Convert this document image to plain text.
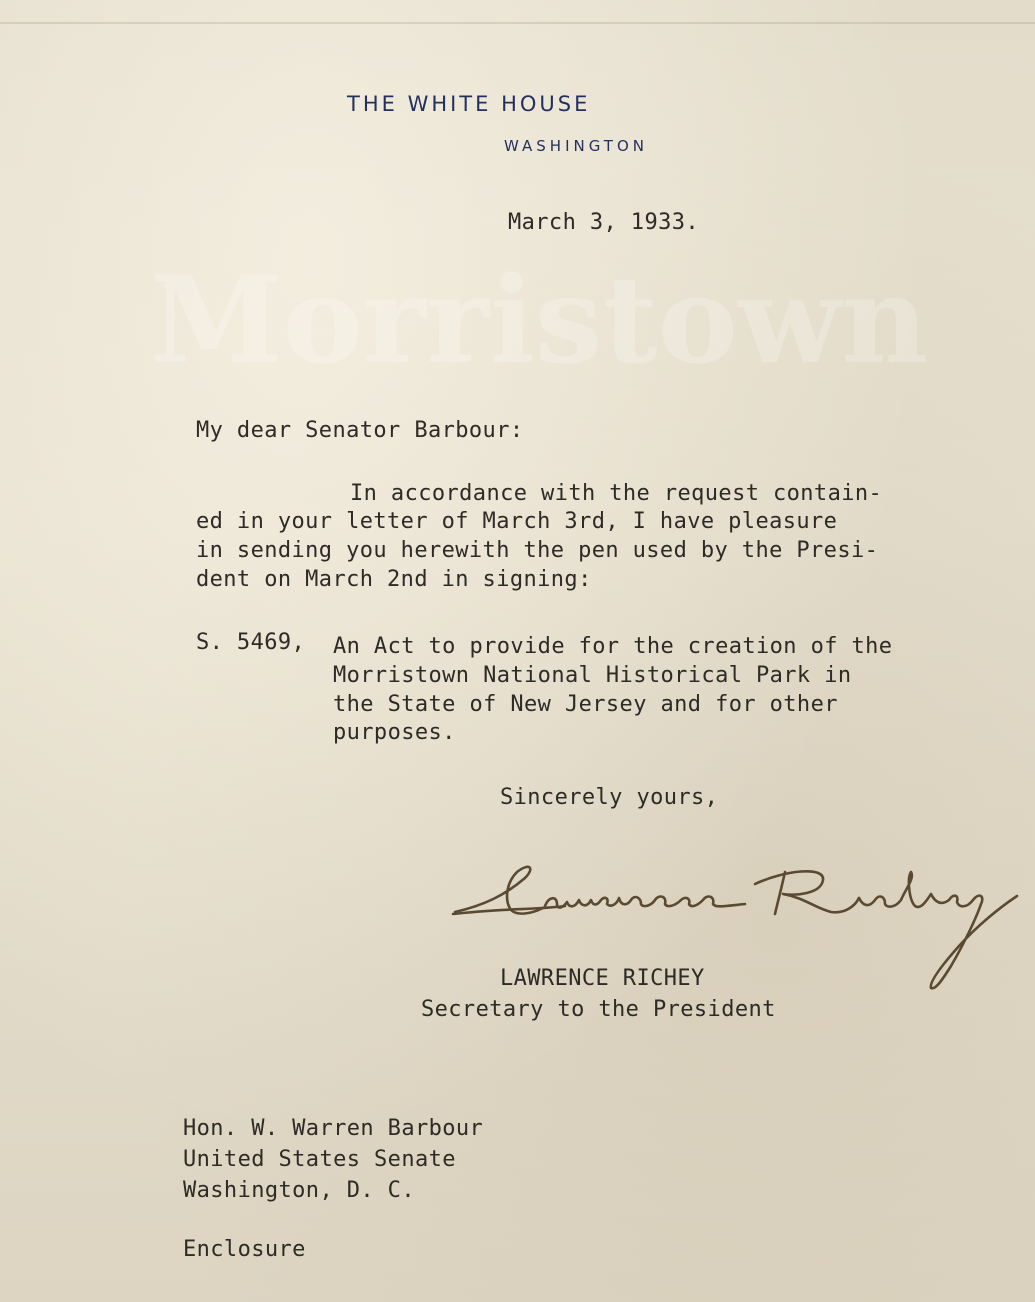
Morristown
THE WHITE HOUSE
WASHINGTON
March 3, 1933.
My dear Senator Barbour:
In accordance with the request contain-
ed in your letter of March 3rd, I have pleasure
in sending you herewith the pen used by the Presi-
dent on March 2nd in signing:
S. 5469, An Act to provide for the creation of the
Morristown National Historical Park in
the State of New Jersey and for other
purposes.
Sincerely yours,
LAWRENCE RICHEY
Secretary to the President
Hon. W. Warren Barbour
United States Senate
Washington, D. C.
Enclosure
